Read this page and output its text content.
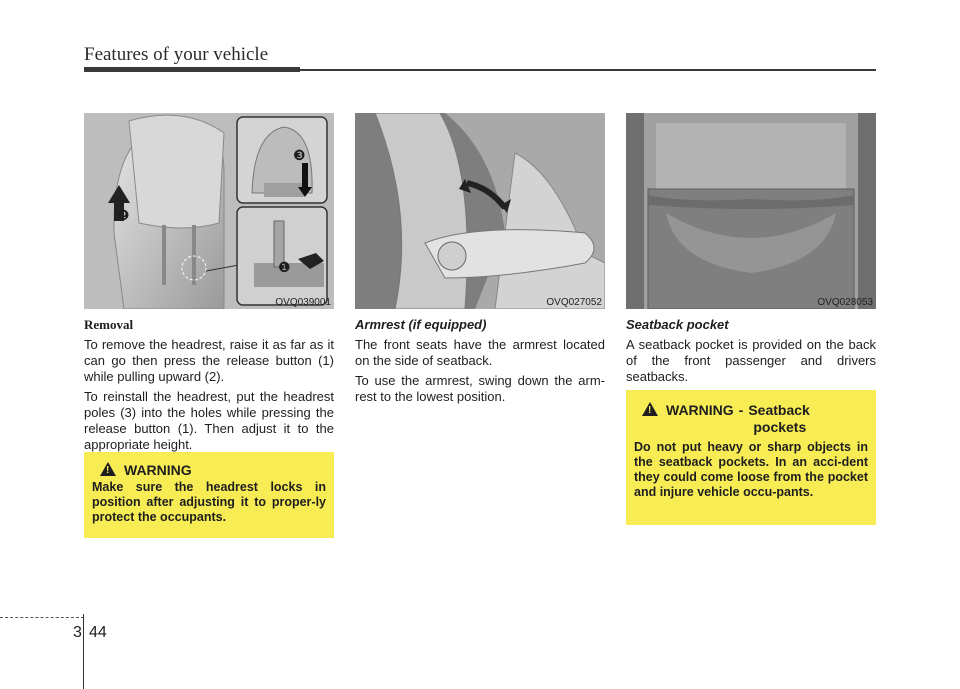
Features of your vehicle
❸
❷
❶
OVQ039001	OVQ027052	OVQ028053

Removal

To remove the headrest, raise it as far as it can go then press the release button (1) while pulling upward (2).

To reinstall the headrest, put the headrest poles (3) into the holes while pressing the release button (1). Then adjust it to the appropriate height.

! WARNING
Make sure the headrest locks in position after adjusting it to proper-ly protect the occupants.

Armrest (if equipped)

The front seats have the armrest located on the side of seatback.

To use the armrest, swing down the arm-rest to the lowest position.

Seatback pocket

A seatback pocket is provided on the back of the front passenger and drivers seatbacks.

! WARNING - Seatback
pockets
Do not put heavy or sharp objects in the seatback pockets. In an acci-dent they could come loose from the pocket and injure vehicle occu-pants.
3 44
